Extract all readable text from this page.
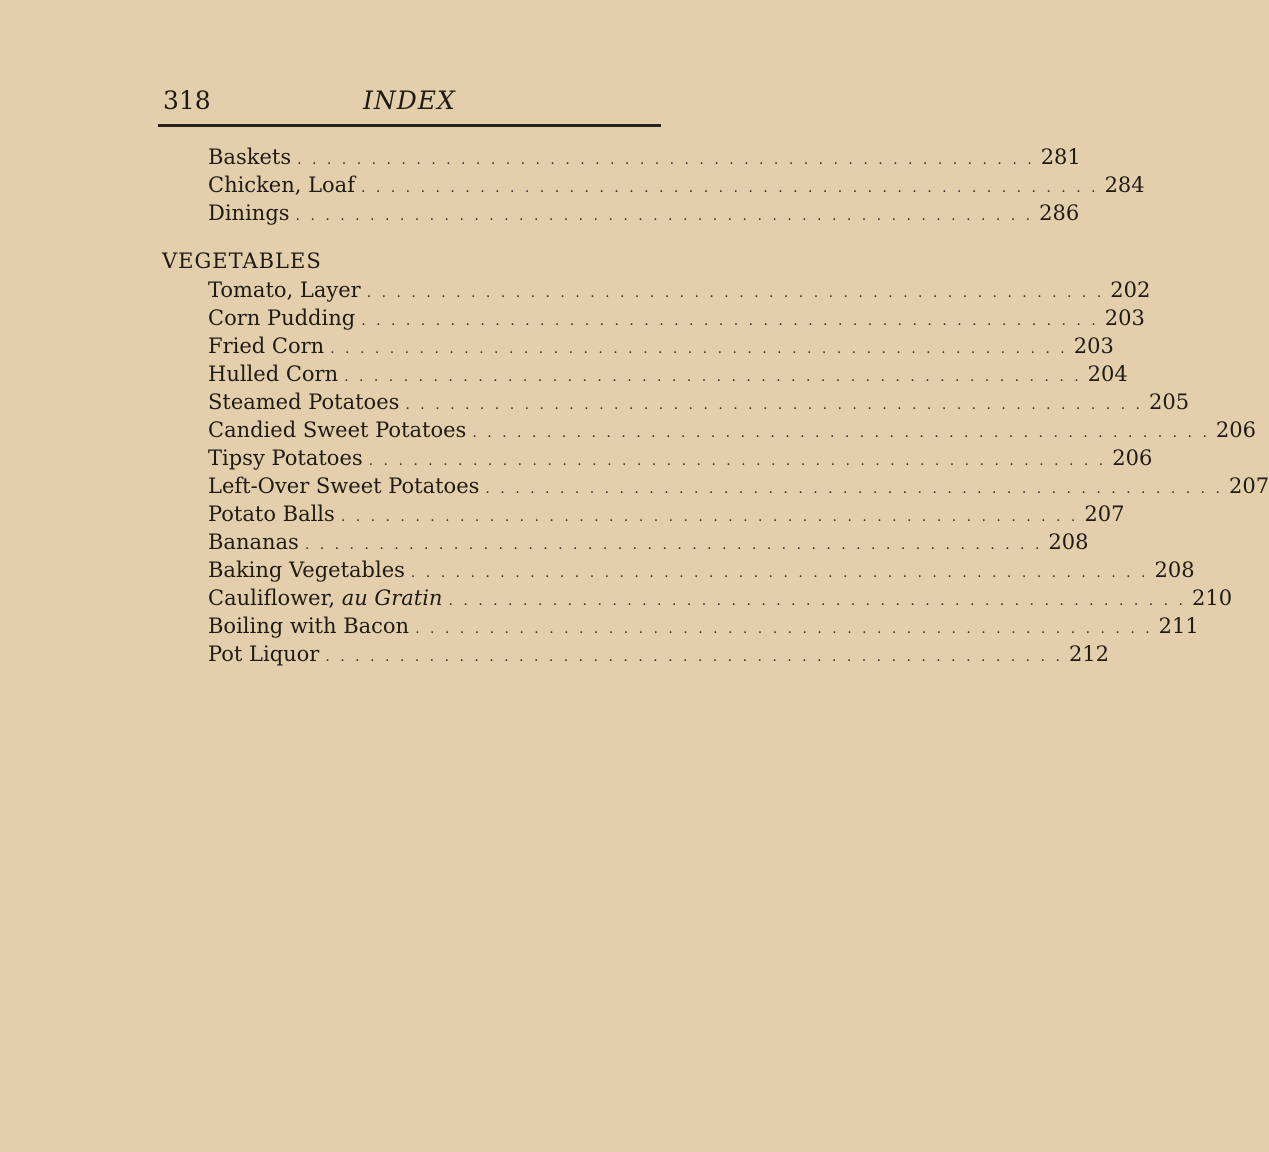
318	INDEX
Baskets . . . . . . . . . . . . . . . . . . . . . . . . . . . . . . . . . . . . . . . . . . . . . . . . . . 281
Chicken, Loaf . . . . . . . . . . . . . . . . . . . . . . . . . . . . . . . . . . . . . . . . . . . . . . . . . . 284
Dinings . . . . . . . . . . . . . . . . . . . . . . . . . . . . . . . . . . . . . . . . . . . . . . . . . . 286
VEGETABLES
Tomato, Layer . . . . . . . . . . . . . . . . . . . . . . . . . . . . . . . . . . . . . . . . . . . . . . . . . . 202
Corn Pudding . . . . . . . . . . . . . . . . . . . . . . . . . . . . . . . . . . . . . . . . . . . . . . . . . . 203
Fried Corn . . . . . . . . . . . . . . . . . . . . . . . . . . . . . . . . . . . . . . . . . . . . . . . . . . 203
Hulled Corn . . . . . . . . . . . . . . . . . . . . . . . . . . . . . . . . . . . . . . . . . . . . . . . . . . 204
Steamed Potatoes . . . . . . . . . . . . . . . . . . . . . . . . . . . . . . . . . . . . . . . . . . . . . . . . . . 205
Candied Sweet Potatoes . . . . . . . . . . . . . . . . . . . . . . . . . . . . . . . . . . . . . . . . . . . . . . . . . . 206
Tipsy Potatoes . . . . . . . . . . . . . . . . . . . . . . . . . . . . . . . . . . . . . . . . . . . . . . . . . . 206
Left-Over Sweet Potatoes . . . . . . . . . . . . . . . . . . . . . . . . . . . . . . . . . . . . . . . . . . . . . . . . . . 207
Potato Balls . . . . . . . . . . . . . . . . . . . . . . . . . . . . . . . . . . . . . . . . . . . . . . . . . . 207
Bananas . . . . . . . . . . . . . . . . . . . . . . . . . . . . . . . . . . . . . . . . . . . . . . . . . . 208
Baking Vegetables . . . . . . . . . . . . . . . . . . . . . . . . . . . . . . . . . . . . . . . . . . . . . . . . . . 208
Cauliflower, au Gratin . . . . . . . . . . . . . . . . . . . . . . . . . . . . . . . . . . . . . . . . . . . . . . . . . . 210
Boiling with Bacon . . . . . . . . . . . . . . . . . . . . . . . . . . . . . . . . . . . . . . . . . . . . . . . . . . 211
Pot Liquor . . . . . . . . . . . . . . . . . . . . . . . . . . . . . . . . . . . . . . . . . . . . . . . . . . 212
